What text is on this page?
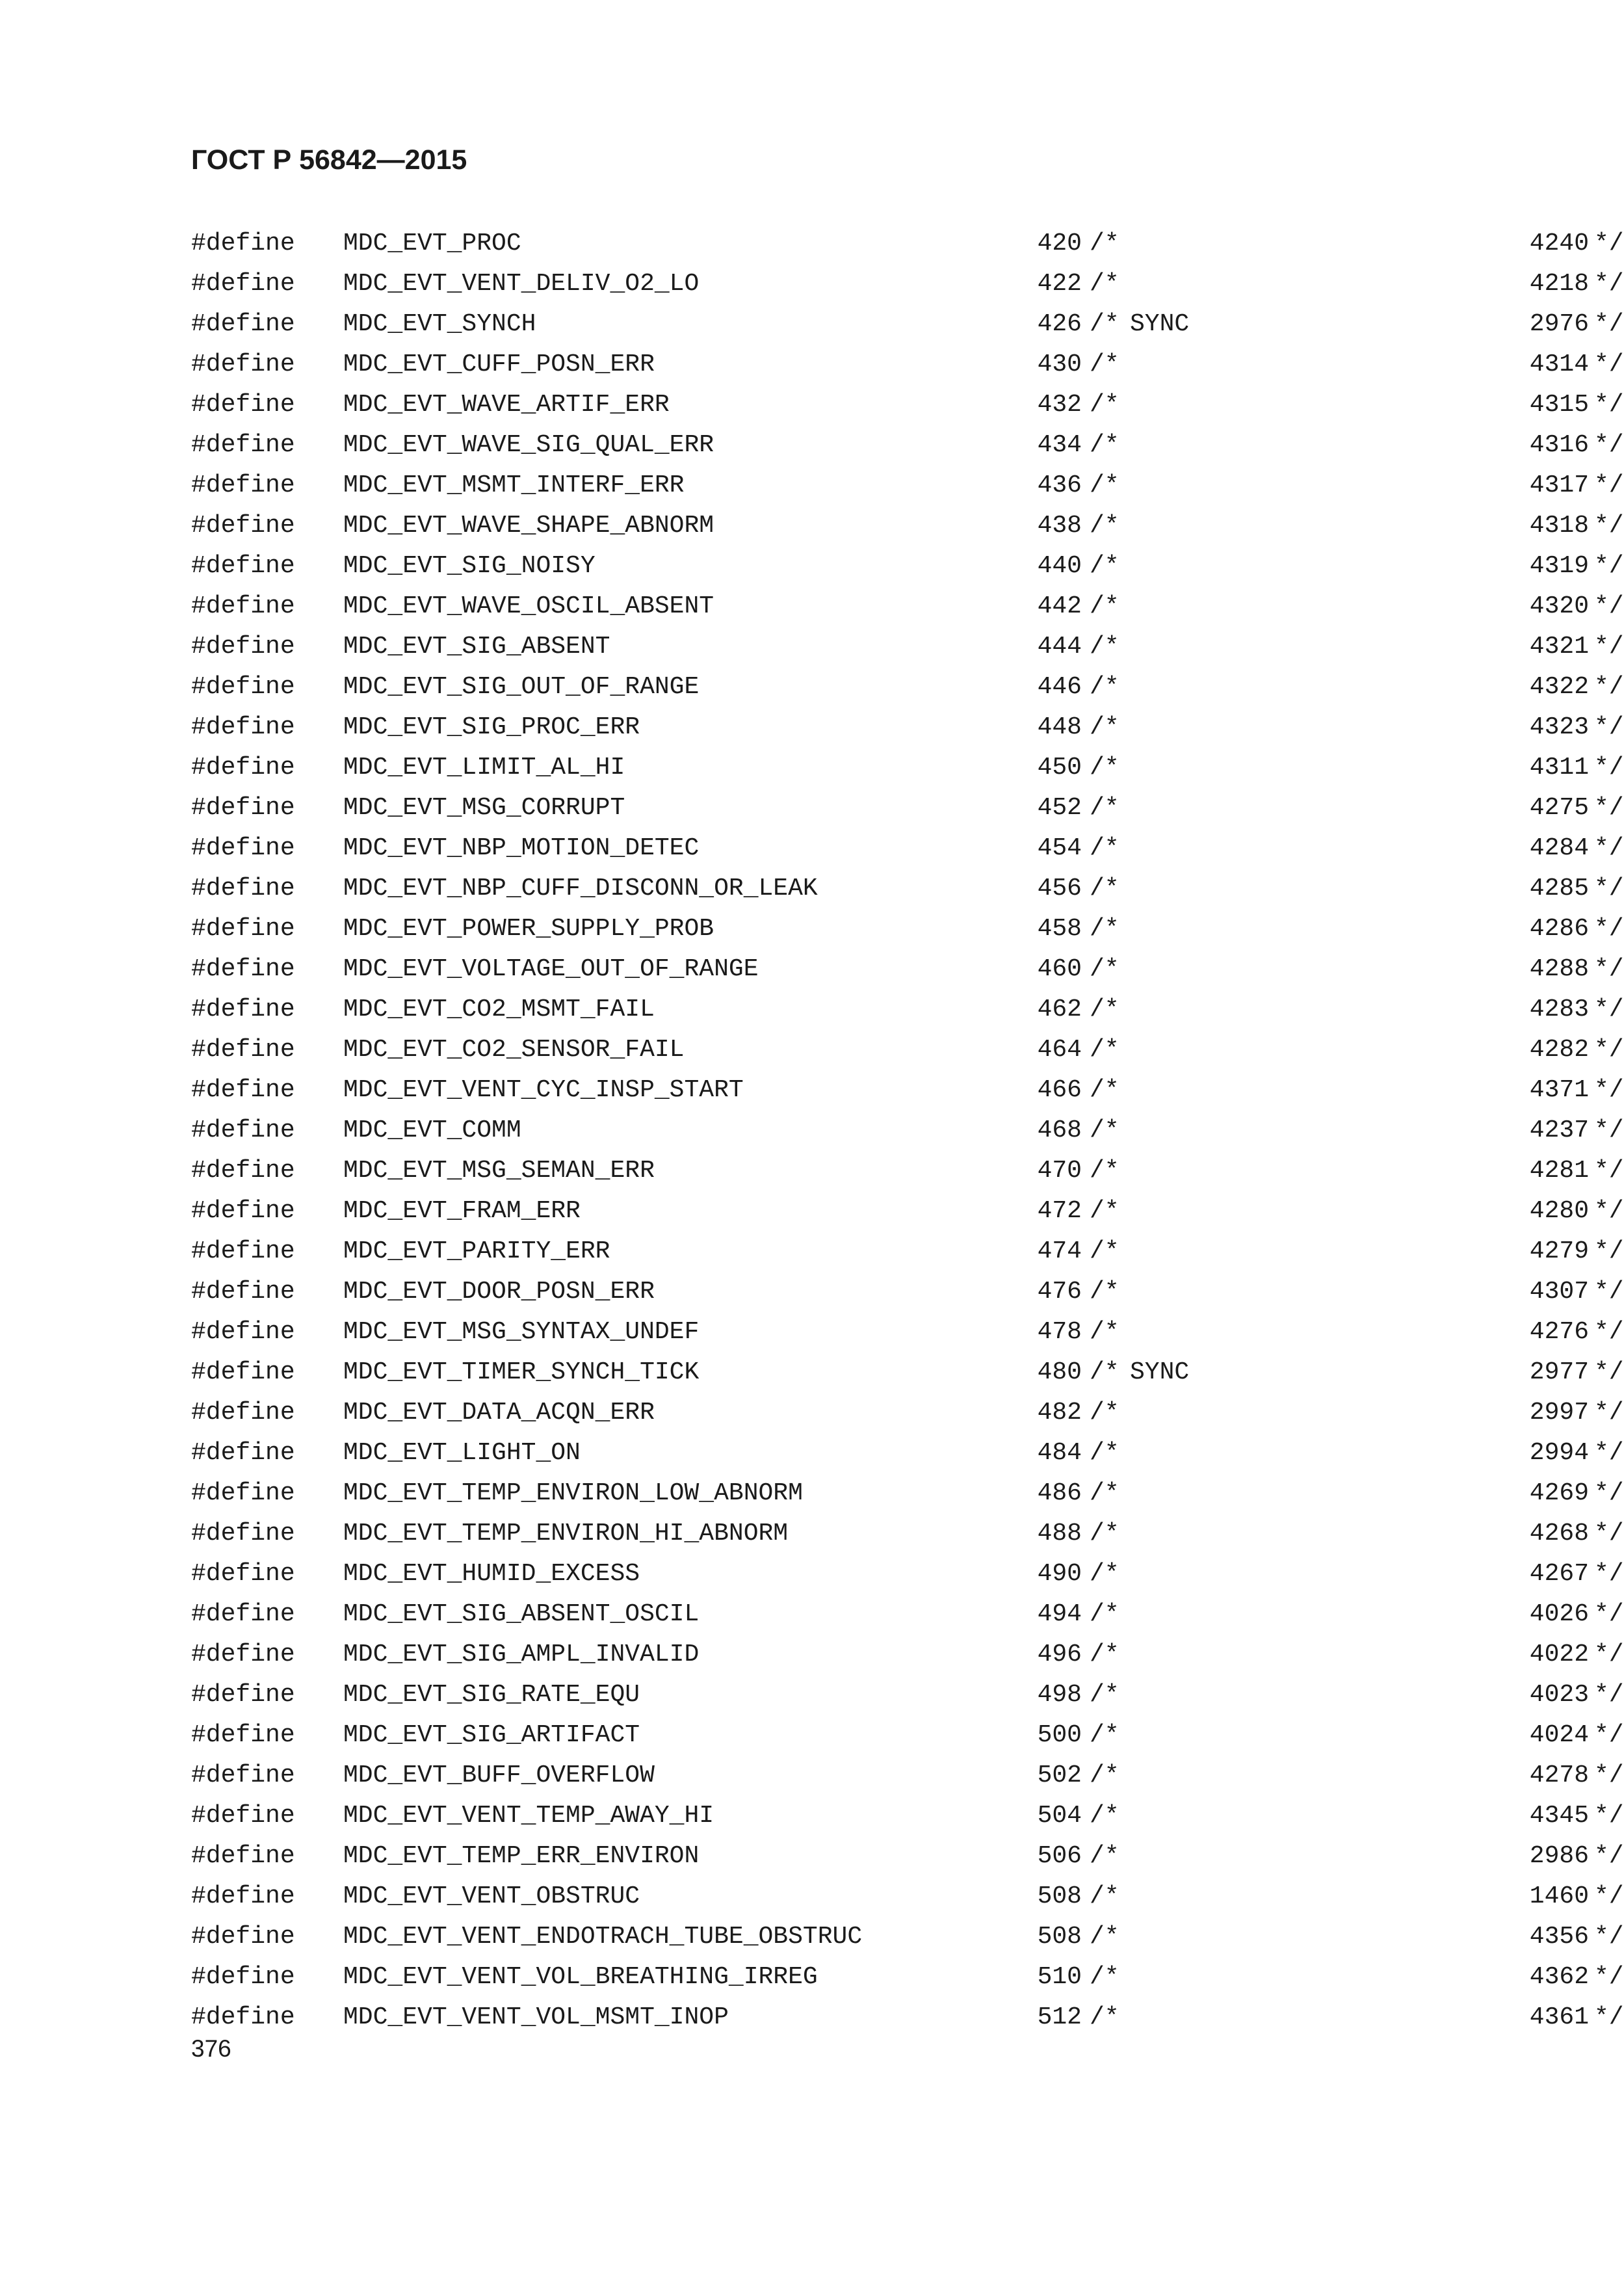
ГОСТ Р 56842—2015
#define MDC_EVT_PROC	420 /*	4240 */
#define MDC_EVT_VENT_DELIV_O2_LO	422 /*	4218 */
#define MDC_EVT_SYNCH	426 /* SYNC	2976 */
#define MDC_EVT_CUFF_POSN_ERR	430 /*	4314 */
#define MDC_EVT_WAVE_ARTIF_ERR	432 /*	4315 */
#define MDC_EVT_WAVE_SIG_QUAL_ERR	434 /*	4316 */
#define MDC_EVT_MSMT_INTERF_ERR	436 /*	4317 */
#define MDC_EVT_WAVE_SHAPE_ABNORM	438 /*	4318 */
#define MDC_EVT_SIG_NOISY	440 /*	4319 */
#define MDC_EVT_WAVE_OSCIL_ABSENT	442 /*	4320 */
#define MDC_EVT_SIG_ABSENT	444 /*	4321 */
#define MDC_EVT_SIG_OUT_OF_RANGE	446 /*	4322 */
#define MDC_EVT_SIG_PROC_ERR	448 /*	4323 */
#define MDC_EVT_LIMIT_AL_HI	450 /*	4311 */
#define MDC_EVT_MSG_CORRUPT	452 /*	4275 */
#define MDC_EVT_NBP_MOTION_DETEC	454 /*	4284 */
#define MDC_EVT_NBP_CUFF_DISCONN_OR_LEAK	456 /*	4285 */
#define MDC_EVT_POWER_SUPPLY_PROB	458 /*	4286 */
#define MDC_EVT_VOLTAGE_OUT_OF_RANGE	460 /*	4288 */
#define MDC_EVT_CO2_MSMT_FAIL	462 /*	4283 */
#define MDC_EVT_CO2_SENSOR_FAIL	464 /*	4282 */
#define MDC_EVT_VENT_CYC_INSP_START	466 /*	4371 */
#define MDC_EVT_COMM	468 /*	4237 */
#define MDC_EVT_MSG_SEMAN_ERR	470 /*	4281 */
#define MDC_EVT_FRAM_ERR	472 /*	4280 */
#define MDC_EVT_PARITY_ERR	474 /*	4279 */
#define MDC_EVT_DOOR_POSN_ERR	476 /*	4307 */
#define MDC_EVT_MSG_SYNTAX_UNDEF	478 /*	4276 */
#define MDC_EVT_TIMER_SYNCH_TICK	480 /* SYNC	2977 */
#define MDC_EVT_DATA_ACQN_ERR	482 /*	2997 */
#define MDC_EVT_LIGHT_ON	484 /*	2994 */
#define MDC_EVT_TEMP_ENVIRON_LOW_ABNORM	486 /*	4269 */
#define MDC_EVT_TEMP_ENVIRON_HI_ABNORM	488 /*	4268 */
#define MDC_EVT_HUMID_EXCESS	490 /*	4267 */
#define MDC_EVT_SIG_ABSENT_OSCIL	494 /*	4026 */
#define MDC_EVT_SIG_AMPL_INVALID	496 /*	4022 */
#define MDC_EVT_SIG_RATE_EQU	498 /*	4023 */
#define MDC_EVT_SIG_ARTIFACT	500 /*	4024 */
#define MDC_EVT_BUFF_OVERFLOW	502 /*	4278 */
#define MDC_EVT_VENT_TEMP_AWAY_HI	504 /*	4345 */
#define MDC_EVT_TEMP_ERR_ENVIRON	506 /*	2986 */
#define MDC_EVT_VENT_OBSTRUC	508 /*	1460 */
#define MDC_EVT_VENT_ENDOTRACH_TUBE_OBSTRUC	508 /*	4356 */
#define MDC_EVT_VENT_VOL_BREATHING_IRREG	510 /*	4362 */
#define MDC_EVT_VENT_VOL_MSMT_INOP	512 /*	4361 */

376
